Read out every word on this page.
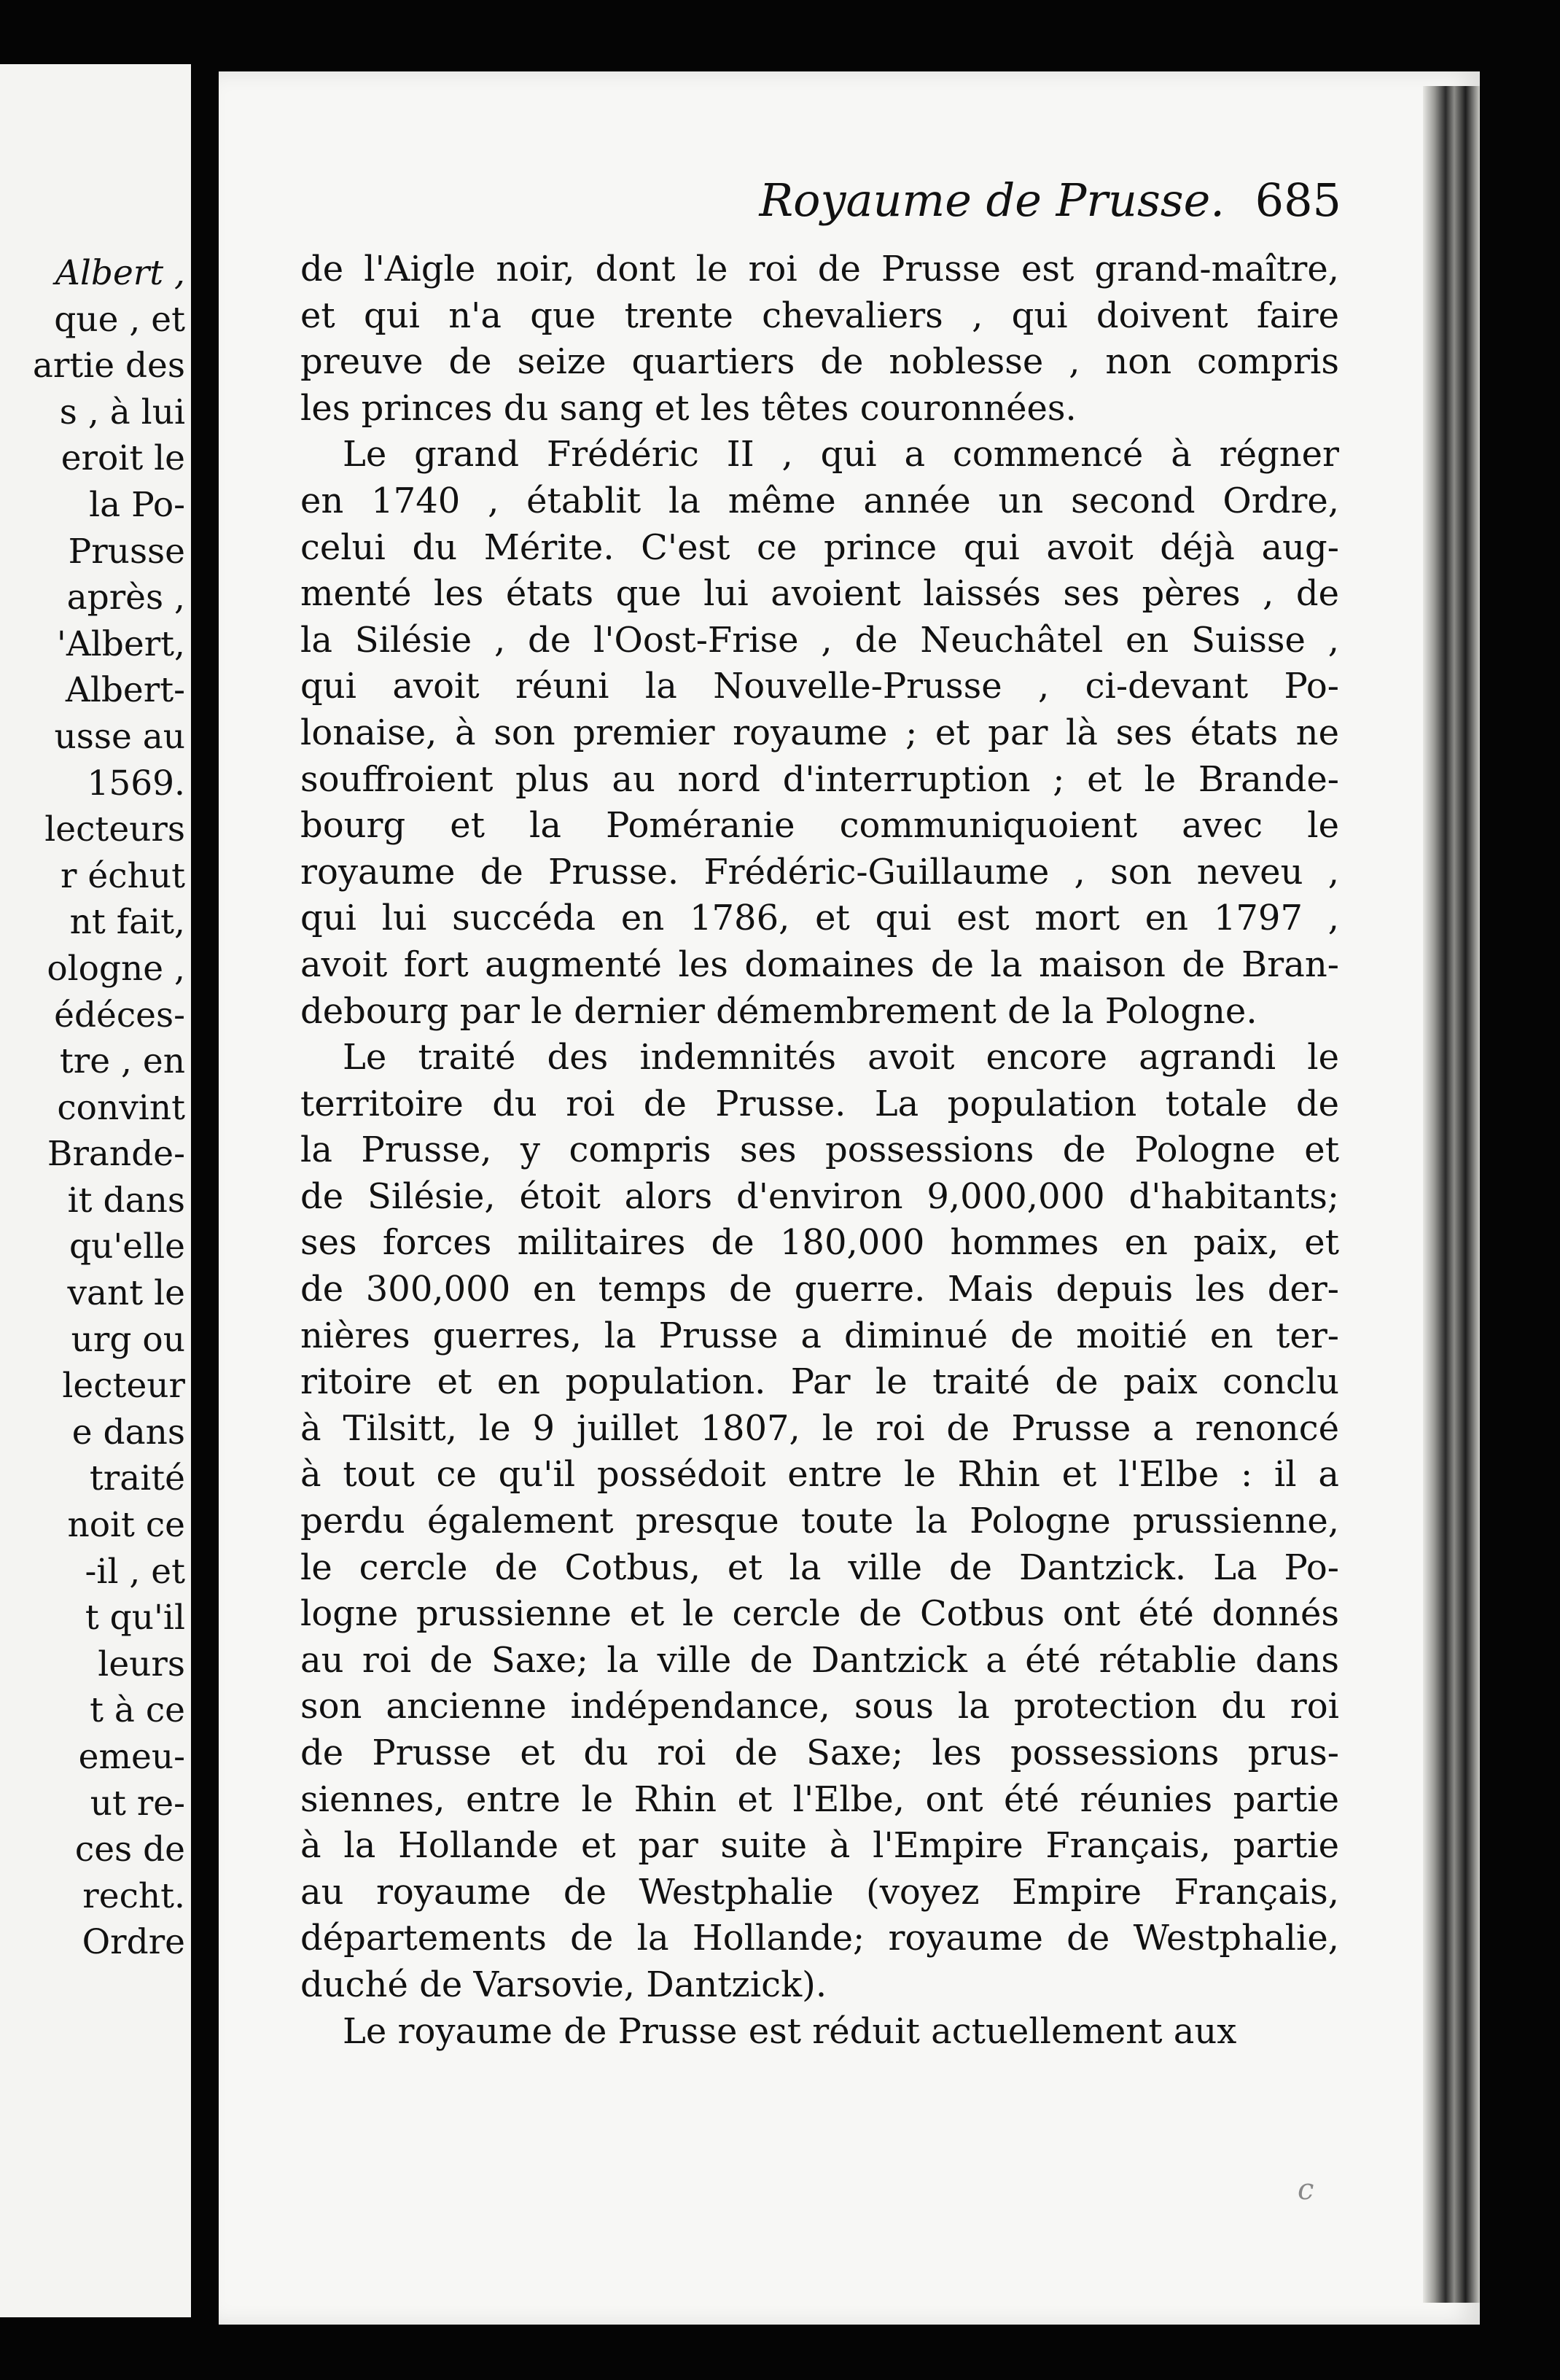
Albert ,
que , et
artie des
s , à lui
eroit le
la Po-
Prusse
après ,
'Albert,
Albert-
usse au
1569.
lecteurs
r échut
nt fait,
ologne ,
édéces-
tre , en
convint
Brande-
it dans
qu'elle
vant le
urg ou
lecteur
e dans
traité
noit ce
-il , et
t qu'il
leurs
t à ce
emeu-
ut re-
ces de
recht.
Ordre
Royaume de Prusse. 685
de l'Aigle noir, dont le roi de Prusse est grand-maître,
et qui n'a que trente chevaliers , qui doivent faire
preuve de seize quartiers de noblesse , non compris
les princes du sang et les têtes couronnées.
Le grand Frédéric II , qui a commencé à régner
en 1740 , établit la même année un second Ordre,
celui du Mérite. C'est ce prince qui avoit déjà aug-
menté les états que lui avoient laissés ses pères , de
la Silésie , de l'Oost-Frise , de Neuchâtel en Suisse ,
qui avoit réuni la Nouvelle-Prusse , ci-devant Po-
lonaise, à son premier royaume ; et par là ses états ne
souffroient plus au nord d'interruption ; et le Brande-
bourg et la Poméranie communiquoient avec le
royaume de Prusse. Frédéric-Guillaume , son neveu ,
qui lui succéda en 1786, et qui est mort en 1797 ,
avoit fort augmenté les domaines de la maison de Bran-
debourg par le dernier démembrement de la Pologne.
Le traité des indemnités avoit encore agrandi le
territoire du roi de Prusse. La population totale de
la Prusse, y compris ses possessions de Pologne et
de Silésie, étoit alors d'environ 9,000,000 d'habitants;
ses forces militaires de 180,000 hommes en paix, et
de 300,000 en temps de guerre. Mais depuis les der-
nières guerres, la Prusse a diminué de moitié en ter-
ritoire et en population. Par le traité de paix conclu
à Tilsitt, le 9 juillet 1807, le roi de Prusse a renoncé
à tout ce qu'il possédoit entre le Rhin et l'Elbe : il a
perdu également presque toute la Pologne prussienne,
le cercle de Cotbus, et la ville de Dantzick. La Po-
logne prussienne et le cercle de Cotbus ont été donnés
au roi de Saxe; la ville de Dantzick a été rétablie dans
son ancienne indépendance, sous la protection du roi
de Prusse et du roi de Saxe; les possessions prus-
siennes, entre le Rhin et l'Elbe, ont été réunies partie
à la Hollande et par suite à l'Empire Français, partie
au royaume de Westphalie (voyez Empire Français,
départements de la Hollande; royaume de Westphalie,
duché de Varsovie, Dantzick).
Le royaume de Prusse est réduit actuellement aux
c
